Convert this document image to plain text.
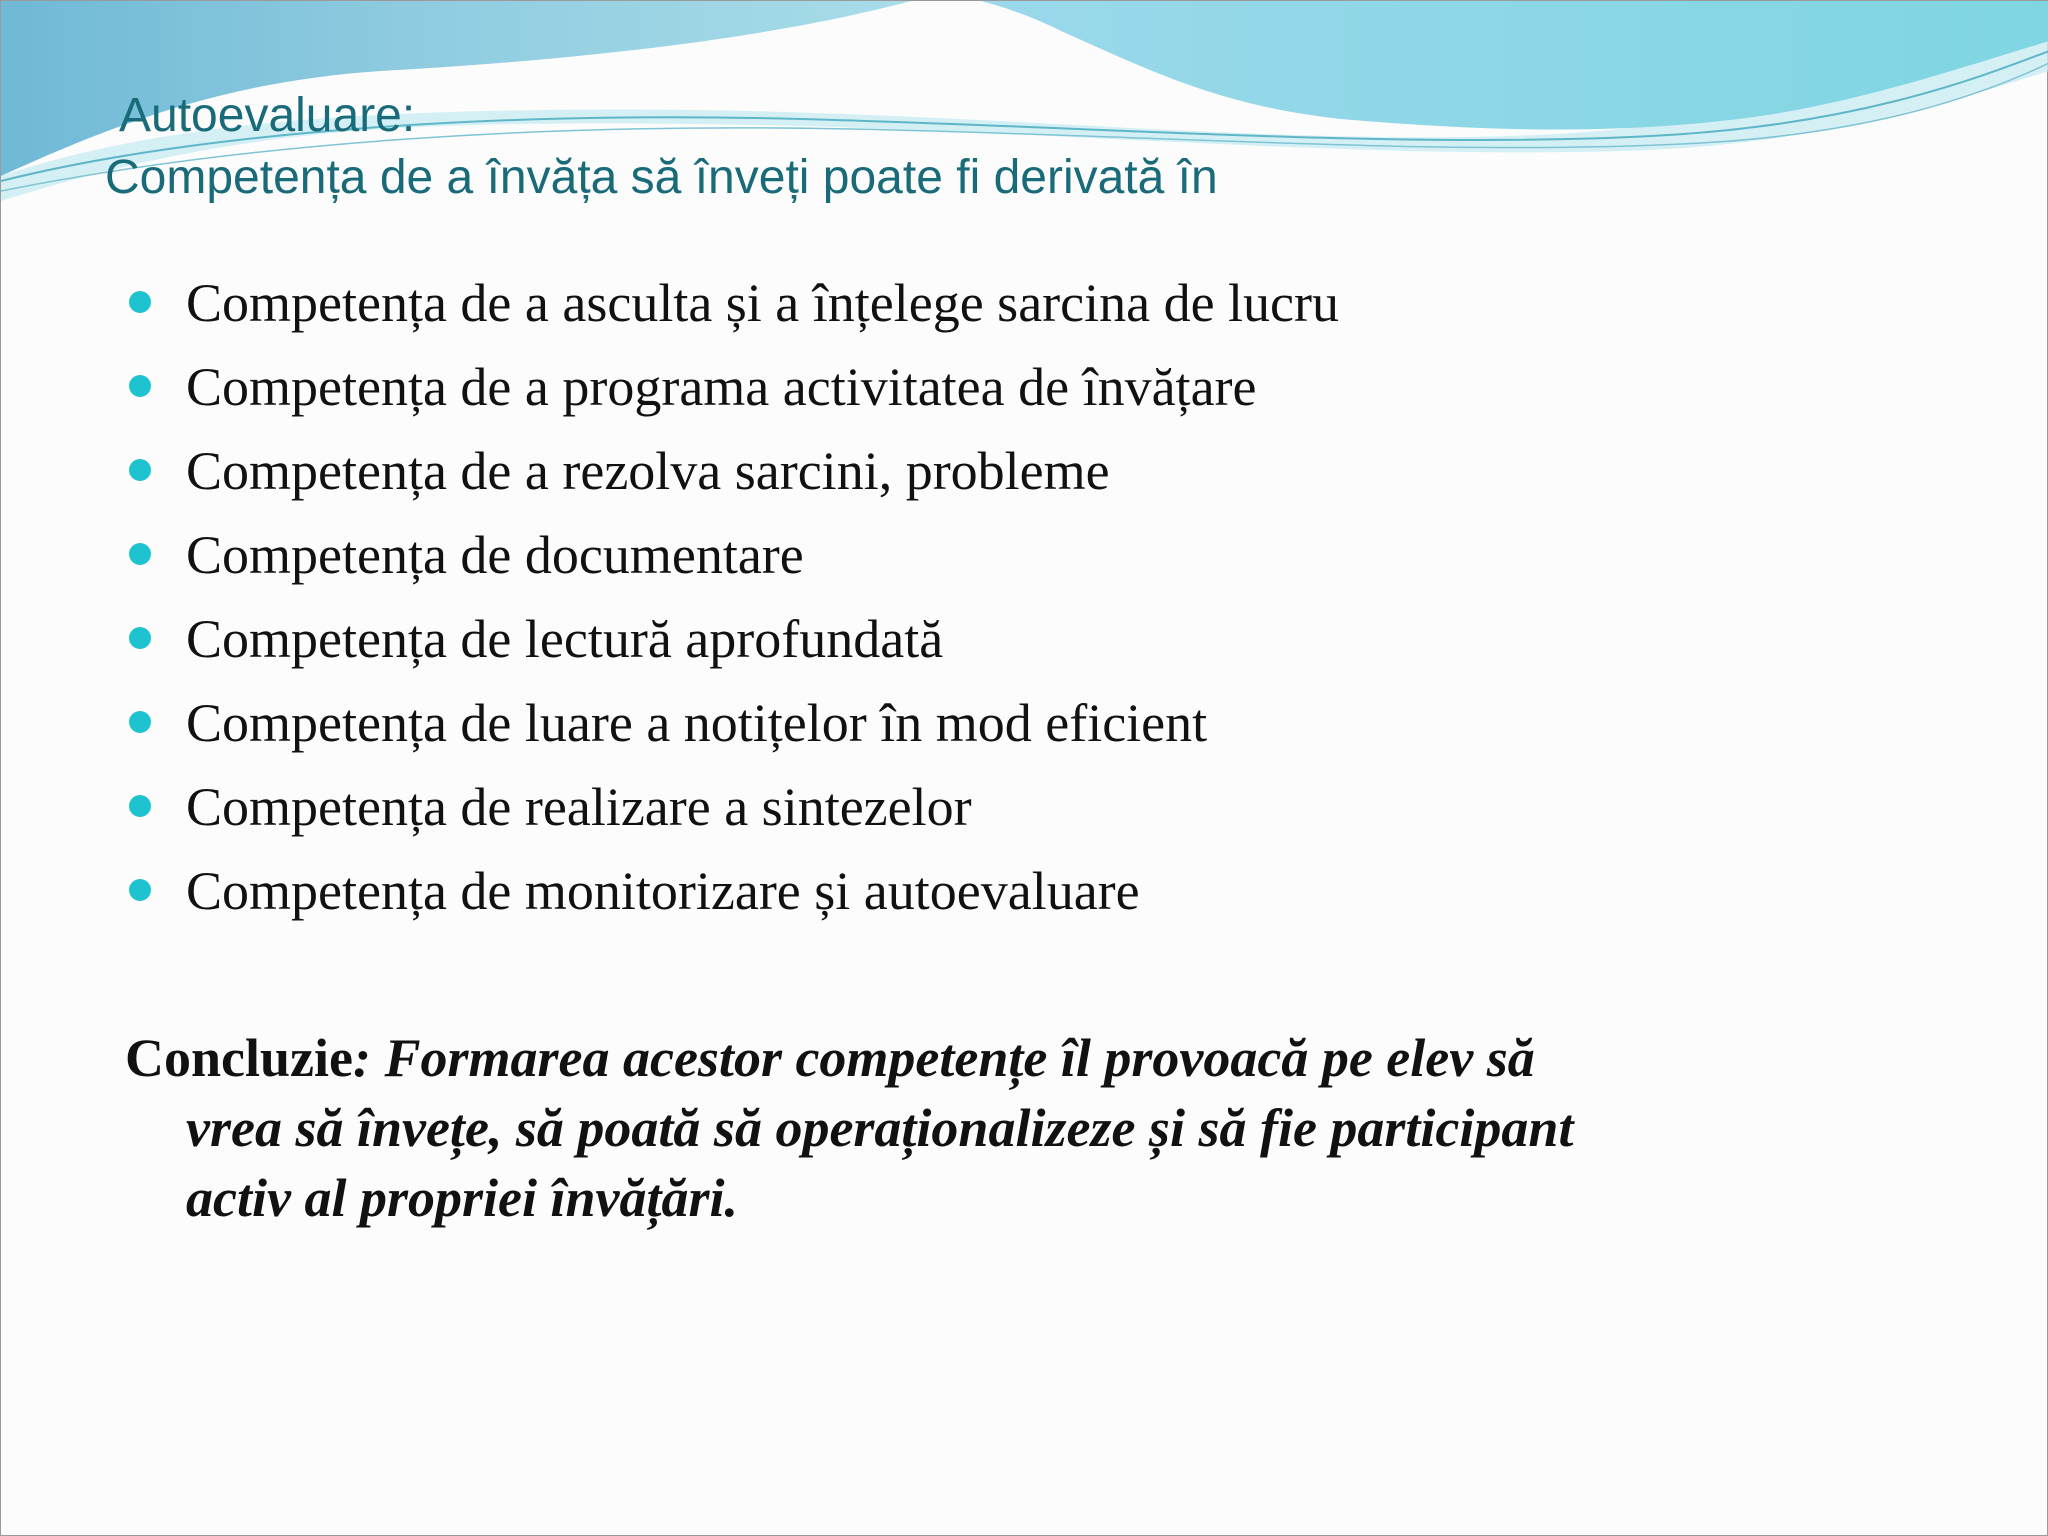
Autoevaluare:
Competența de a învăța să înveți poate fi derivată în
Competența de a asculta și a înțelege sarcina de lucru
Competența de a programa activitatea de învățare
Competența de a rezolva sarcini, probleme
Competența de documentare
Competența de lectură aprofundată
Competența de luare a notițelor în mod eficient
Competența de realizare a sintezelor
Competența de monitorizare și autoevaluare
Concluzie: Formarea acestor competențe îl provoacă pe elev să
vrea să învețe, să poată să operaționalizeze și să fie participant
activ al propriei învățări.
